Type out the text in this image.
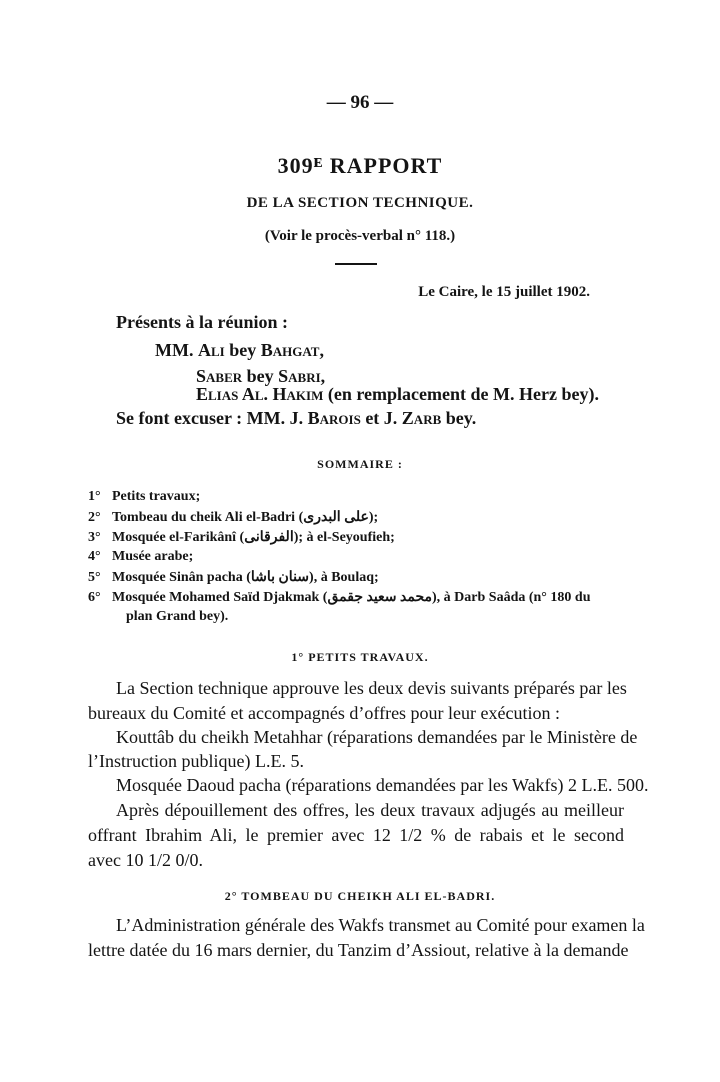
— 96 —
309ᴱ RAPPORT
DE LA SECTION TECHNIQUE.
(Voir le procès-verbal n° 118.)
Le Caire, le 15 juillet 1902.
Présents à la réunion :
MM. Ali bey Bahgat,
Saber bey Sabri,
Elias Al. Hakim (en remplacement de M. Herz bey).
Se font excuser : MM. J. Barois et J. Zarb bey.
SOMMAIRE :
1° Petits travaux;
2° Tombeau du cheik Ali el-Badri (على البدرى);
3° Mosquée el-Farikânî (الفرقانى); à el-Seyoufieh;
4° Musée arabe;
5° Mosquée Sinân pacha (سنان باشا), à Boulaq;
6° Mosquée Mohamed Saïd Djakmak (محمد سعيد جقمق), à Darb Saâda (n° 180 du
plan Grand bey).
1° PETITS TRAVAUX.
La Section technique approuve les deux devis suivants préparés par les
bureaux du Comité et accompagnés d’offres pour leur exécution :
Kouttâb du cheikh Metahhar (réparations demandées par le Ministère de
l’Instruction publique) L.E. 5.
Mosquée Daoud pacha (réparations demandées par les Wakfs) 2 L.E. 500.
Après dépouillement des offres, les deux travaux adjugés au meilleur
offrant Ibrahim Ali, le premier avec 12 1/2 % de rabais et le second
avec 10 1/2 0/0.
2° TOMBEAU DU CHEIKH ALI EL-BADRI.
L’Administration générale des Wakfs transmet au Comité pour examen la
lettre datée du 16 mars dernier, du Tanzim d’Assiout, relative à la demande
